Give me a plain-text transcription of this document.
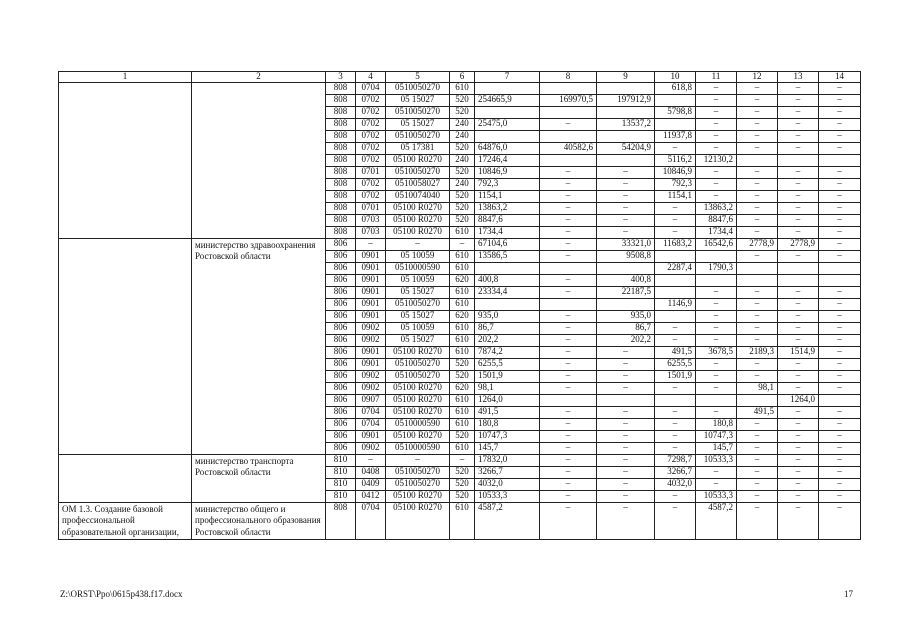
1	2	3	4	5	6	7	8	9	10	11	12	13	14
		808	0704	0510050270	610				618,8	–	–	–	–
		808	0702	05 15027	520	254665,9	169970,5	197912,9		–	–	–	–
		808	0702	0510050270	520				5798,8	–	–	–	–
		808	0702	05 15027	240	25475,0	–	13537,2		–	–	–	–
		808	0702	0510050270	240				11937,8	–	–	–	–
		808	0702	05 17381	520	64876,0	40582,6	54204,9	–	–	–	–	–
		808	0702	05100 R0270	240	17246,4			5116,2	12130,2			
		808	0701	0510050270	520	10846,9	–	–	10846,9	–	–	–	–
		808	0702	0510058027	240	792,3	–	–	792,3	–	–	–	–
		808	0702	0510074040	520	1154,1	–	–	1154,1	–	–	–	–
		808	0701	05100 R0270	520	13863,2	–	–	–	13863,2	–	–	–
		808	0703	05100 R0270	520	8847,6	–	–	–	8847,6	–	–	–
		808	0703	05100 R0270	610	1734,4	–	–	–	1734,4	–	–	–
	министерство здравоохранения Ростовской области	806	–	–	–	67104,6	–	33321,0	11683,2	16542,6	2778,9	2778,9	–
		806	0901	05 10059	610	13586,5	–	9508,8			–	–	–
		806	0901	0510000590	610				2287,4	1790,3			
		806	0901	05 10059	620	400,8	–	400,8					
		806	0901	05 15027	610	23334,4	–	22187,5		–	–	–	–
		806	0901	0510050270	610				1146,9	–	–	–	–
		806	0901	05 15027	620	935,0	–	935,0		–	–	–	–
		806	0902	05 10059	610	86,7	–	86,7	–	–	–	–	–
		806	0902	05 15027	610	202,2	–	202,2	–	–	–	–	–
		806	0901	05100 R0270	610	7874,2	–	–	491,5	3678,5	2189,3	1514,9	–
		806	0901	0510050270	520	6255,5	–	–	6255,5	–	–	–	–
		806	0902	0510050270	520	1501,9	–	–	1501,9	–	–	–	–
		806	0902	05100 R0270	620	98,1	–	–	–	–	98,1	–	–
		806	0907	05100 R0270	610	1264,0						1264,0	
		806	0704	05100 R0270	610	491,5	–	–	–	–	491,5	–	–
		806	0704	0510000590	610	180,8	–	–	–	180,8	–	–	–
		806	0901	05100 R0270	520	10747,3	–	–	–	10747,3	–	–	–
		806	0902	0510000590	610	145,7	–	–	–	145,7	–	–	–
	министерство транспорта Ростовской области	810	–	–	–	17832,0	–	–	7298,7	10533,3	–	–	–
		810	0408	0510050270	520	3266,7	–	–	3266,7	–	–	–	–
		810	0409	0510050270	520	4032,0	–	–	4032,0	–	–	–	–
		810	0412	05100 R0270	520	10533,3	–	–	–	10533,3	–	–	–
ОМ 1.3. Создание базовой профессиональной образовательной организации,	министерство общего и профессионального образования Ростовской области	808	0704	05100 R0270	610	4587,2	–	–	–	4587,2	–	–	–
Z:\ORST\Ppo\0615p438.f17.docx	17
